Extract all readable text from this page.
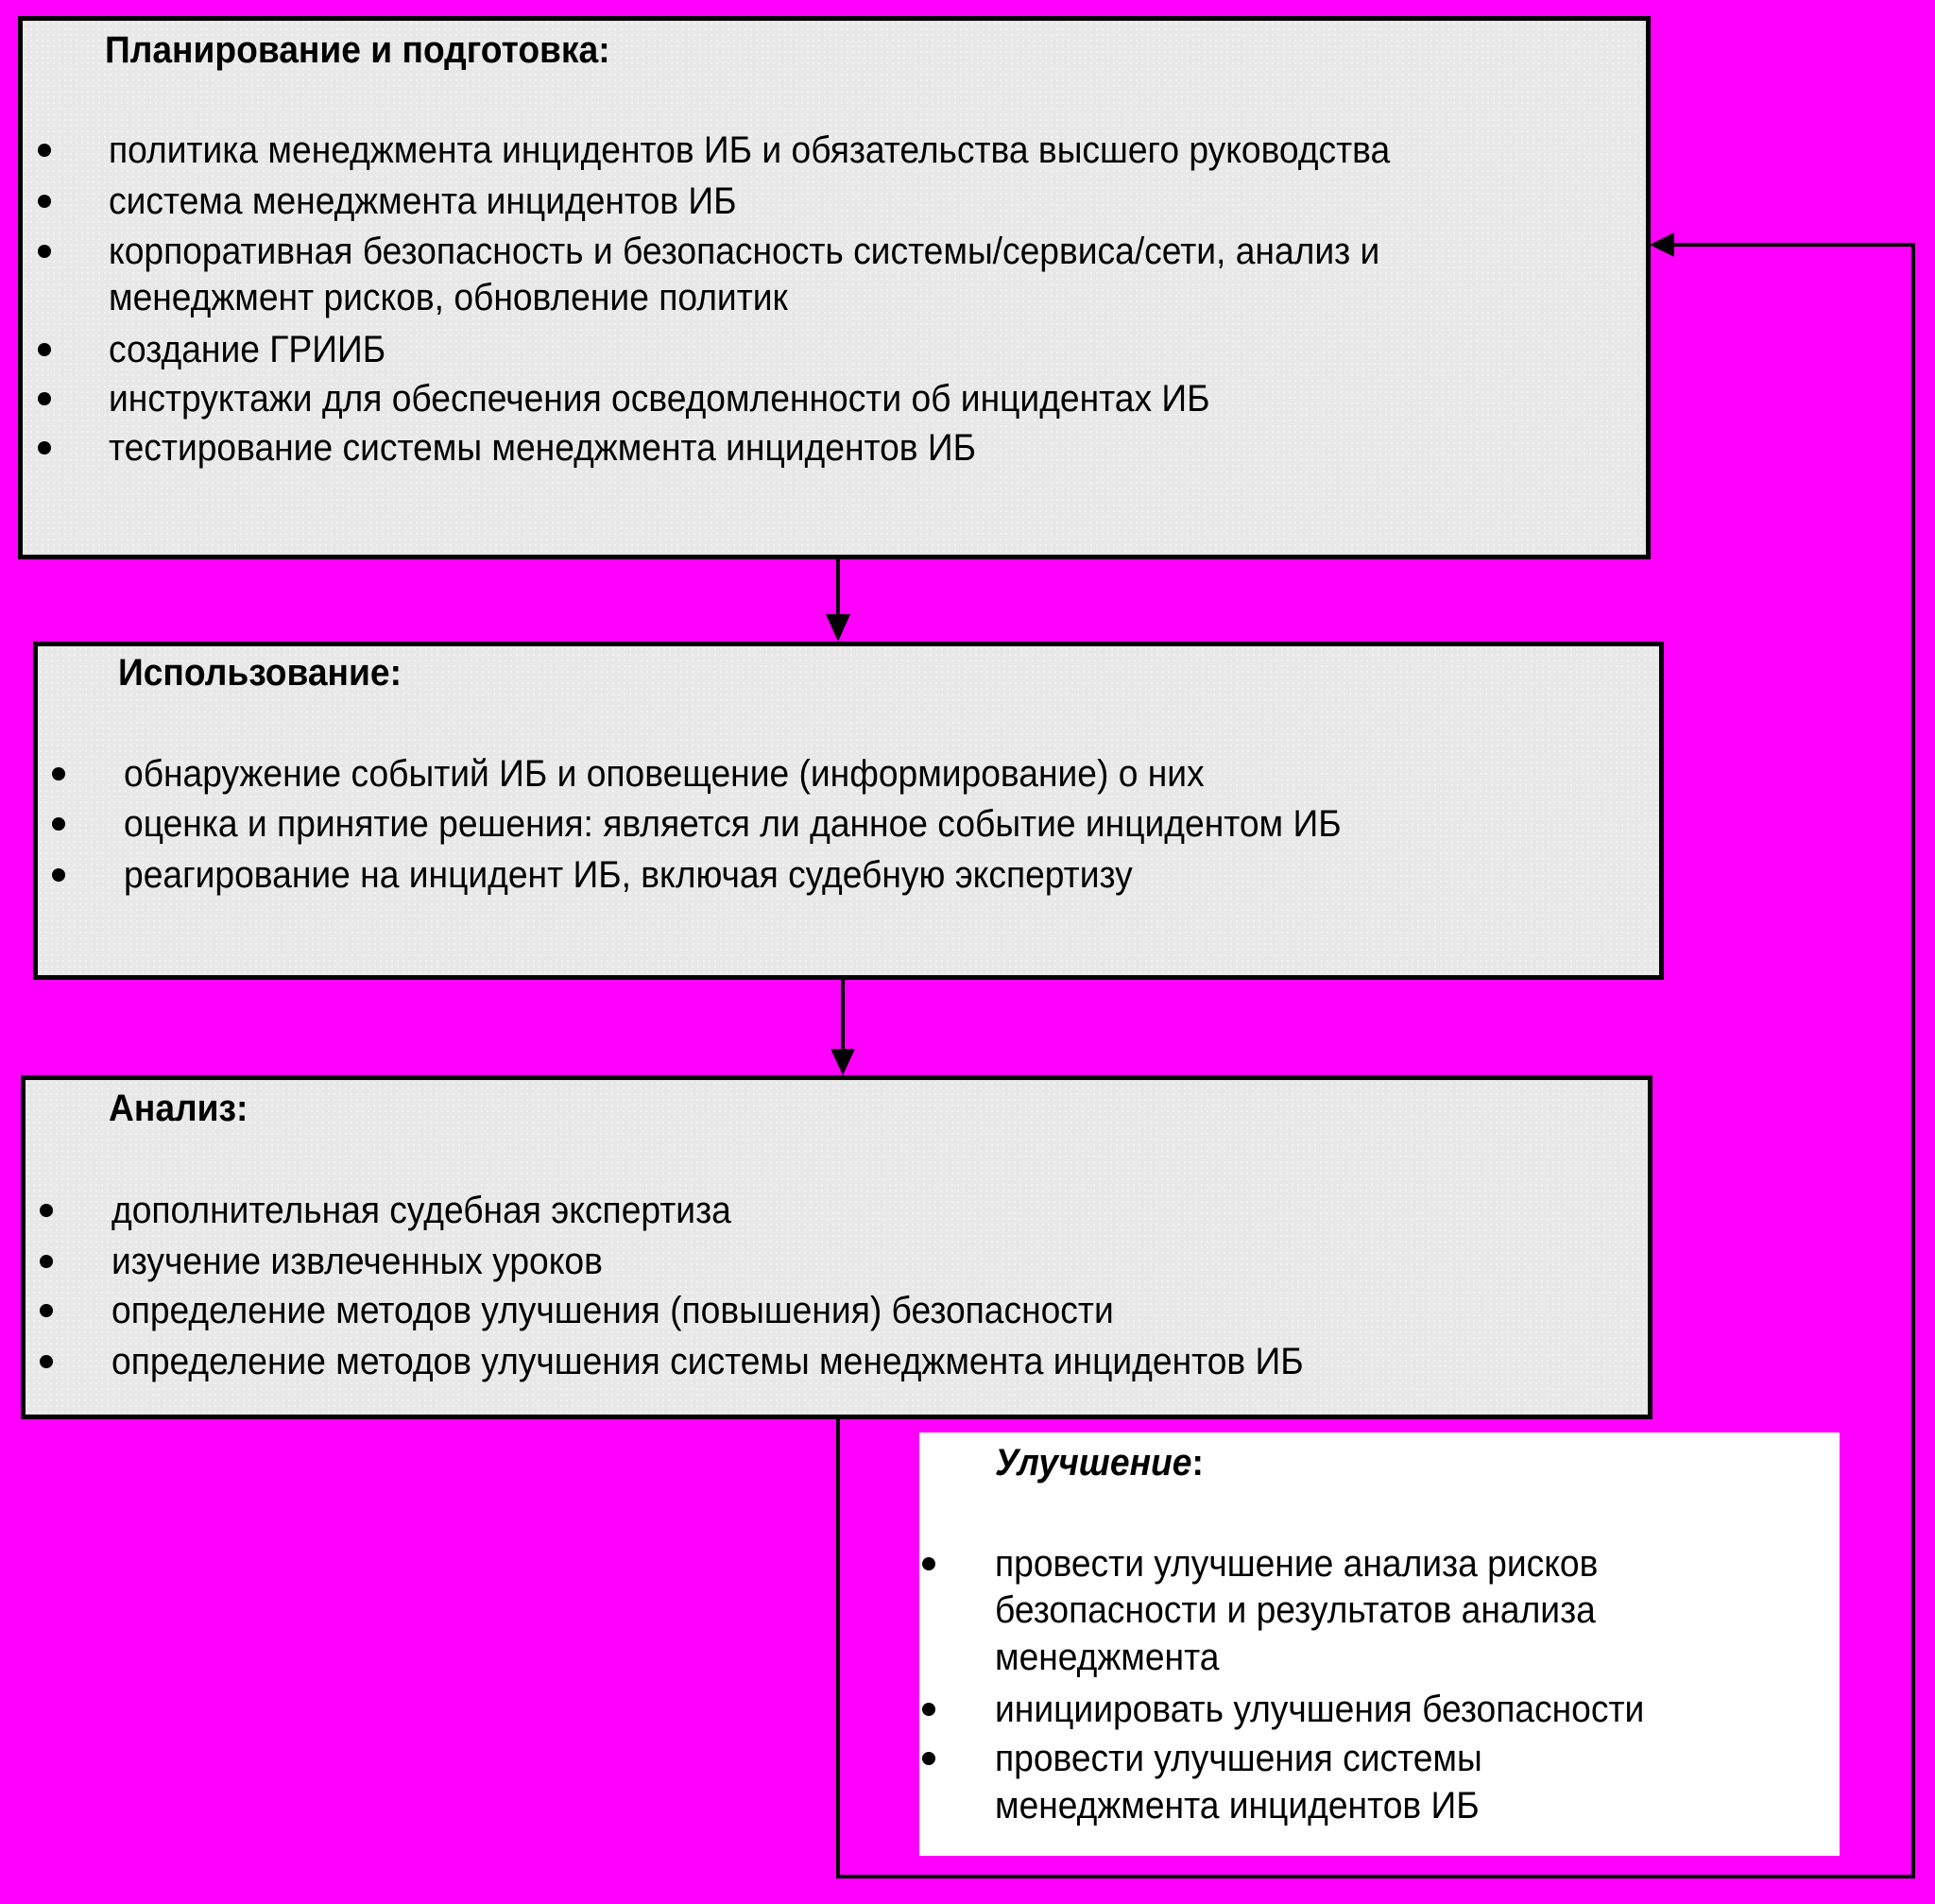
Планирование и подготовка:
политика менеджмента инцидентов ИБ и обязательства высшего руководства
система менеджмента инцидентов ИБ
корпоративная безопасность и безопасность системы/сервиса/сети, анализ и
менеджмент рисков, обновление политик
создание ГРИИБ
инструктажи для обеспечения осведомленности об инцидентах ИБ
тестирование системы менеджмента инцидентов ИБ
Использование:
обнаружение событий ИБ и оповещение (информирование) о них
оценка и принятие решения: является ли данное событие инцидентом ИБ
реагирование на инцидент ИБ, включая судебную экспертизу
Анализ:
дополнительная судебная экспертиза
изучение извлеченных уроков
определение методов улучшения (повышения) безопасности
определение методов улучшения системы менеджмента инцидентов ИБ
Улучшение:
провести улучшение анализа рисков
безопасности и результатов анализа
менеджмента
инициировать улучшения безопасности
провести улучшения системы
менеджмента инцидентов ИБ
